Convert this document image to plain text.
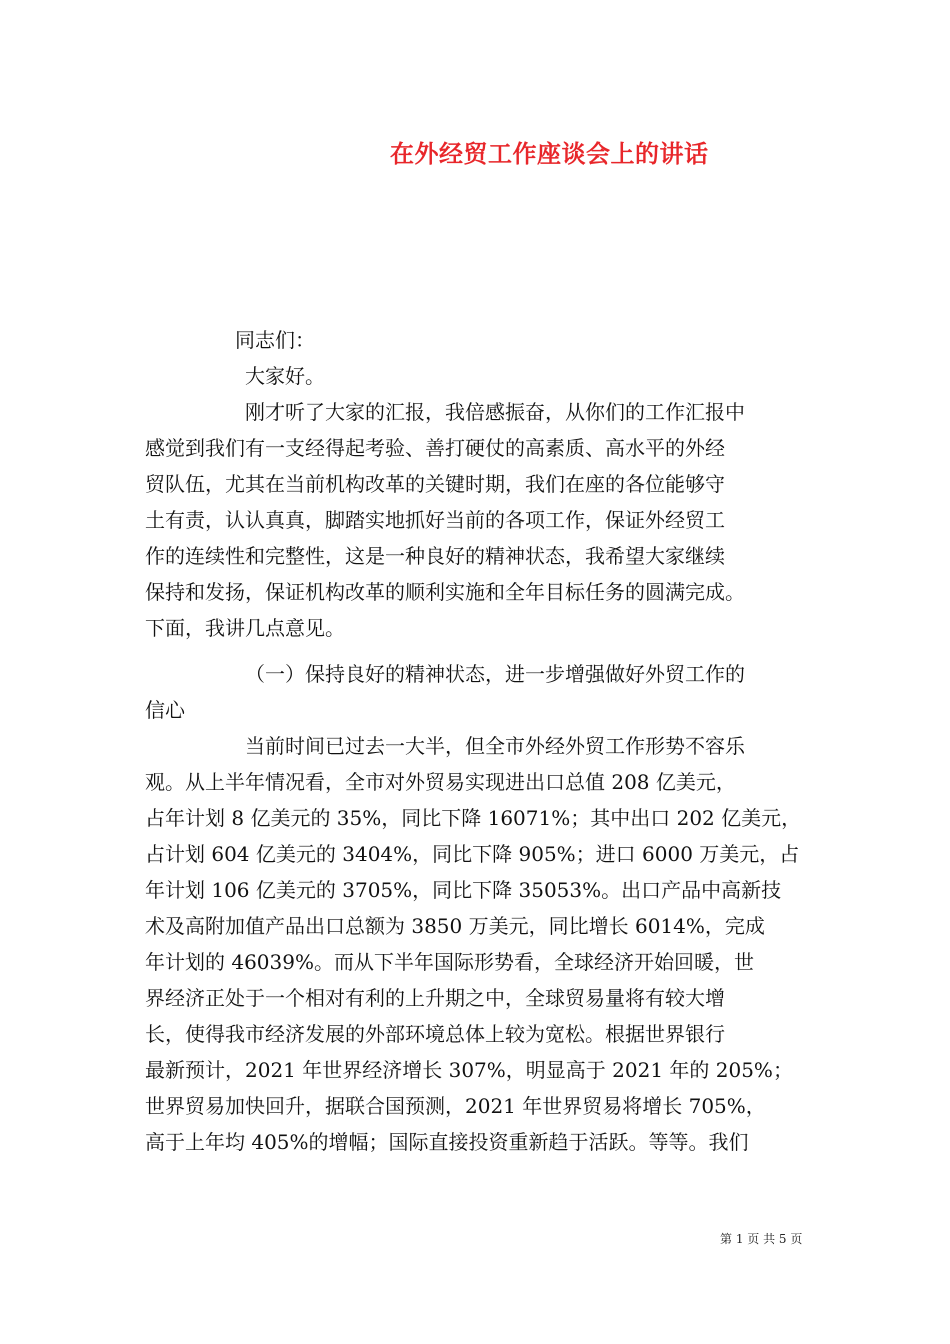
在外经贸工作座谈会上的讲话
同志们：
大家好。
刚才听了大家的汇报，我倍感振奋，从你们的工作汇报中
感觉到我们有一支经得起考验、善打硬仗的高素质、高水平的外经
贸队伍，尤其在当前机构改革的关键时期，我们在座的各位能够守
土有责，认认真真，脚踏实地抓好当前的各项工作，保证外经贸工
作的连续性和完整性，这是一种良好的精神状态，我希望大家继续
保持和发扬，保证机构改革的顺利实施和全年目标任务的圆满完成。
下面，我讲几点意见。
（一）保持良好的精神状态，进一步增强做好外贸工作的
信心
当前时间已过去一大半，但全市外经外贸工作形势不容乐
观。从上半年情况看，全市对外贸易实现进出口总值 208 亿美元，
占年计划 8 亿美元的 35%，同比下降 16071%；其中出口 202 亿美元，
占计划 604 亿美元的 3404%，同比下降 905%；进口 6000 万美元，占
年计划 106 亿美元的 3705%，同比下降 35053%。出口产品中高新技
术及高附加值产品出口总额为 3850 万美元，同比增长 6014%，完成
年计划的 46039%。而从下半年国际形势看，全球经济开始回暖，世
界经济正处于一个相对有利的上升期之中，全球贸易量将有较大增
长，使得我市经济发展的外部环境总体上较为宽松。根据世界银行
最新预计，2021 年世界经济增长 307%，明显高于 2021 年的 205%；
世界贸易加快回升，据联合国预测，2021 年世界贸易将增长 705%，
高于上年均 405%的增幅；国际直接投资重新趋于活跃。等等。我们
第 1 页 共 5 页
